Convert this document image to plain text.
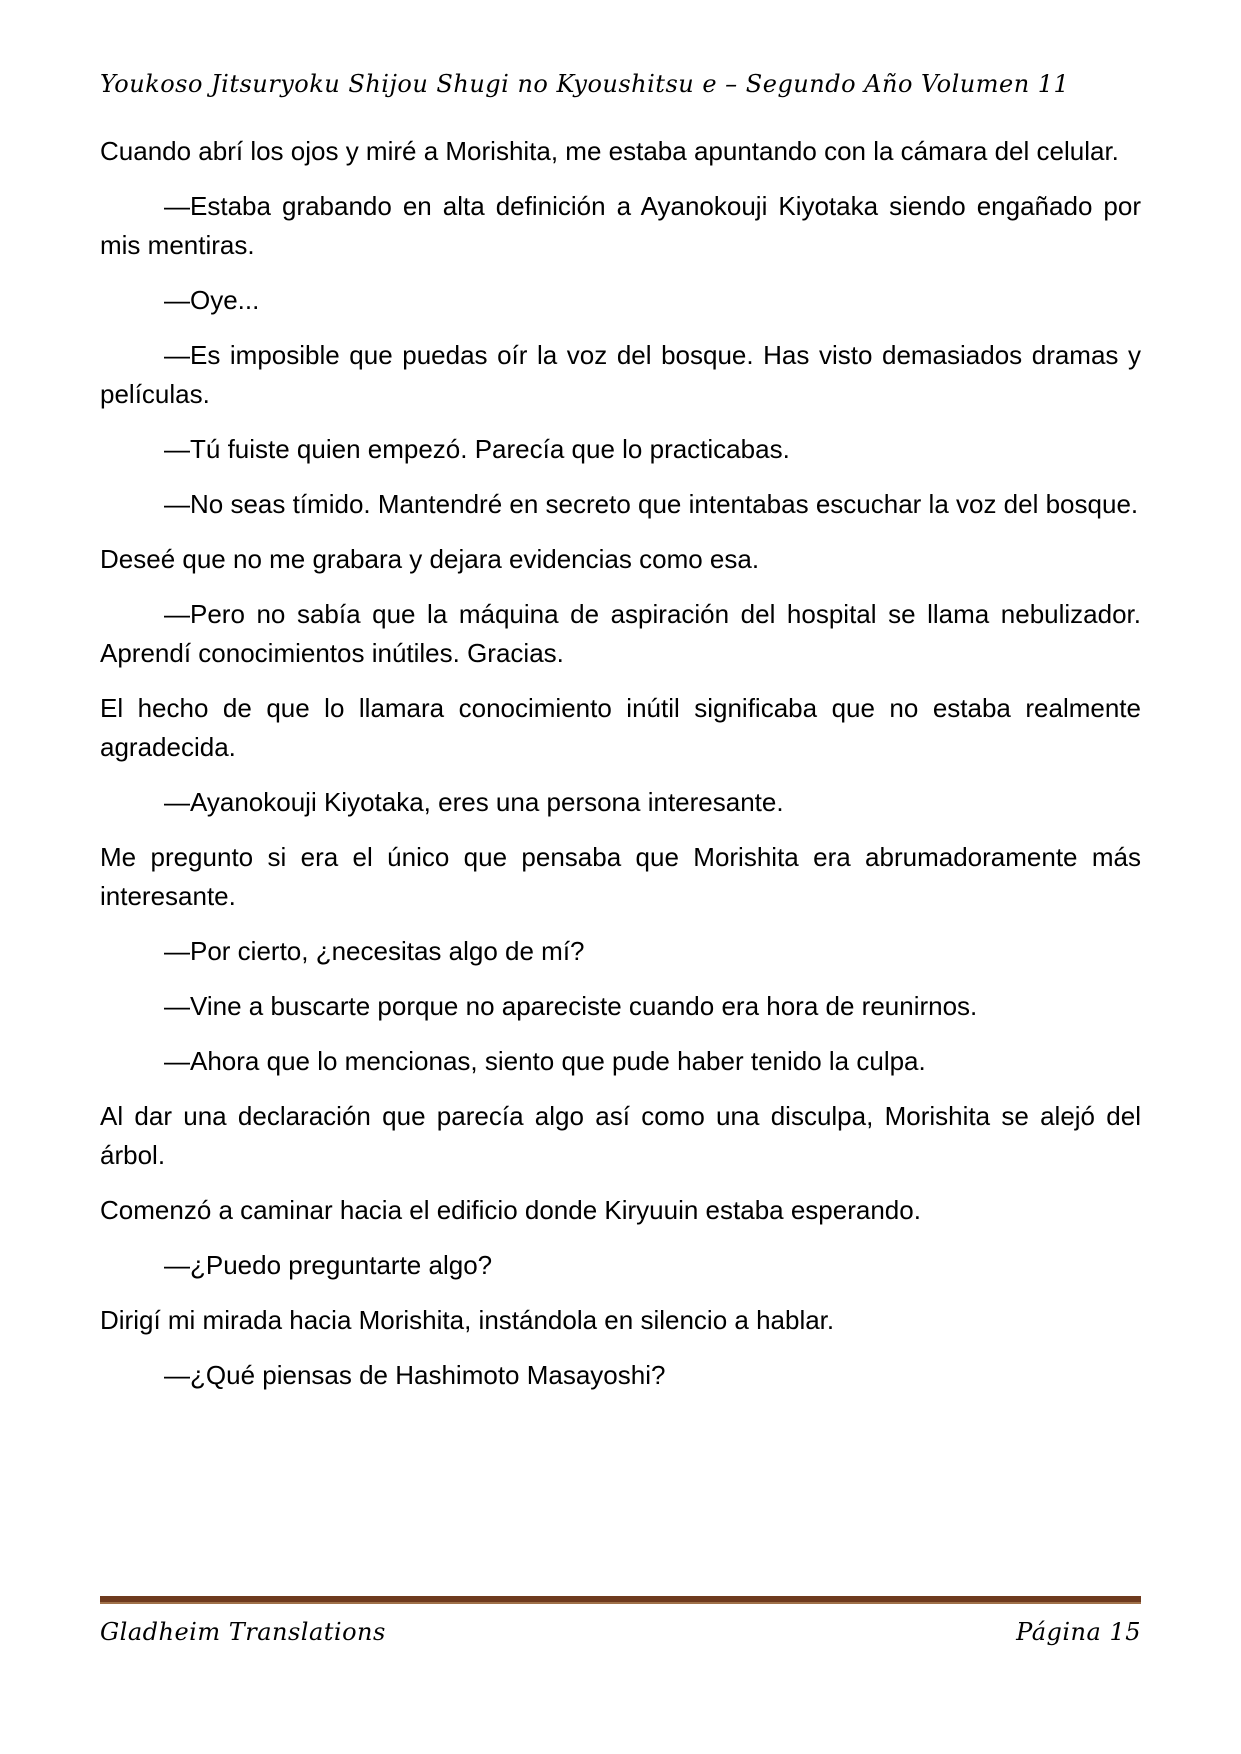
Youkoso Jitsuryoku Shijou Shugi no Kyoushitsu e – Segundo Año Volumen 11

Cuando abrí los ojos y miré a Morishita, me estaba apuntando con la cámara del celular.

—Estaba grabando en alta definición a Ayanokouji Kiyotaka siendo engañado por mis mentiras.

—Oye...

—Es imposible que puedas oír la voz del bosque. Has visto demasiados dramas y películas.

—Tú fuiste quien empezó. Parecía que lo practicabas.

—No seas tímido. Mantendré en secreto que intentabas escuchar la voz del bosque.

Deseé que no me grabara y dejara evidencias como esa.

—Pero no sabía que la máquina de aspiración del hospital se llama nebulizador. Aprendí conocimientos inútiles. Gracias.

El hecho de que lo llamara conocimiento inútil significaba que no estaba realmente agradecida.

—Ayanokouji Kiyotaka, eres una persona interesante.

Me pregunto si era el único que pensaba que Morishita era abrumadoramente más interesante.

—Por cierto, ¿necesitas algo de mí?

—Vine a buscarte porque no apareciste cuando era hora de reunirnos.

—Ahora que lo mencionas, siento que pude haber tenido la culpa.

Al dar una declaración que parecía algo así como una disculpa, Morishita se alejó del árbol.

Comenzó a caminar hacia el edificio donde Kiryuuin estaba esperando.

—¿Puedo preguntarte algo?

Dirigí mi mirada hacia Morishita, instándola en silencio a hablar.

—¿Qué piensas de Hashimoto Masayoshi?

Gladheim Translations	Página 15
